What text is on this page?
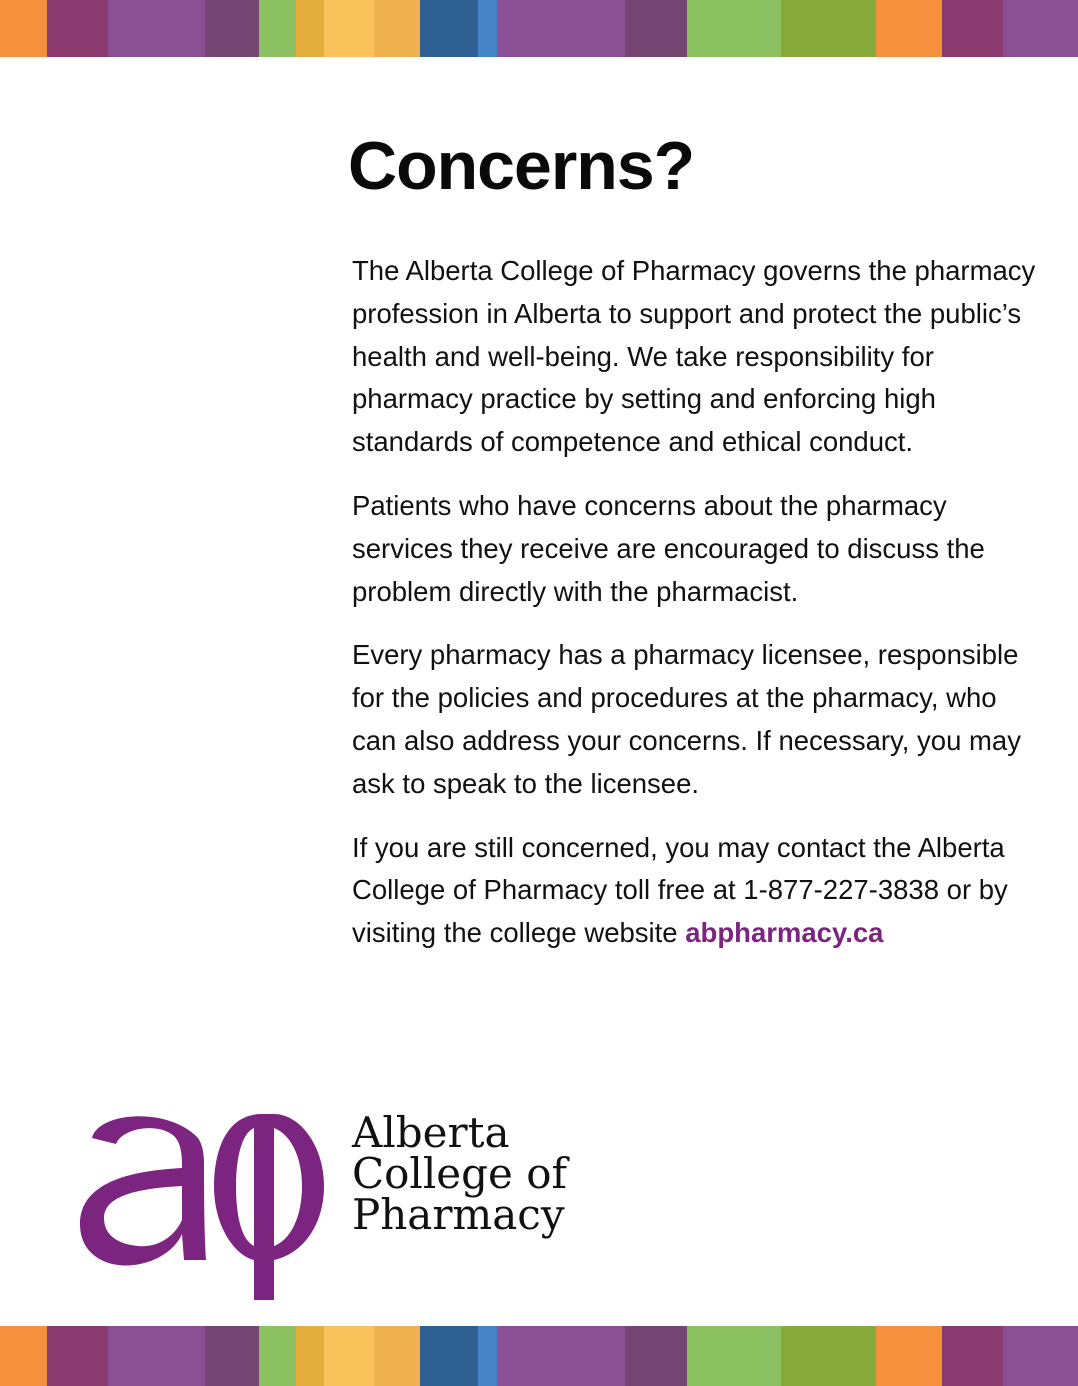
Concerns?

The Alberta College of Pharmacy governs the pharmacy profession in Alberta to support and protect the public’s health and well-being. We take responsibility for pharmacy practice by setting and enforcing high standards of competence and ethical conduct.

Patients who have concerns about the pharmacy services they receive are encouraged to discuss the problem directly with the pharmacist.

Every pharmacy has a pharmacy licensee, responsible for the policies and procedures at the pharmacy, who can also address your concerns. If necessary, you may ask to speak to the licensee.

If you are still concerned, you may contact the Alberta College of Pharmacy toll free at 1-877-227-3838 or by visiting the college website abpharmacy.ca

Alberta
College of
Pharmacy
